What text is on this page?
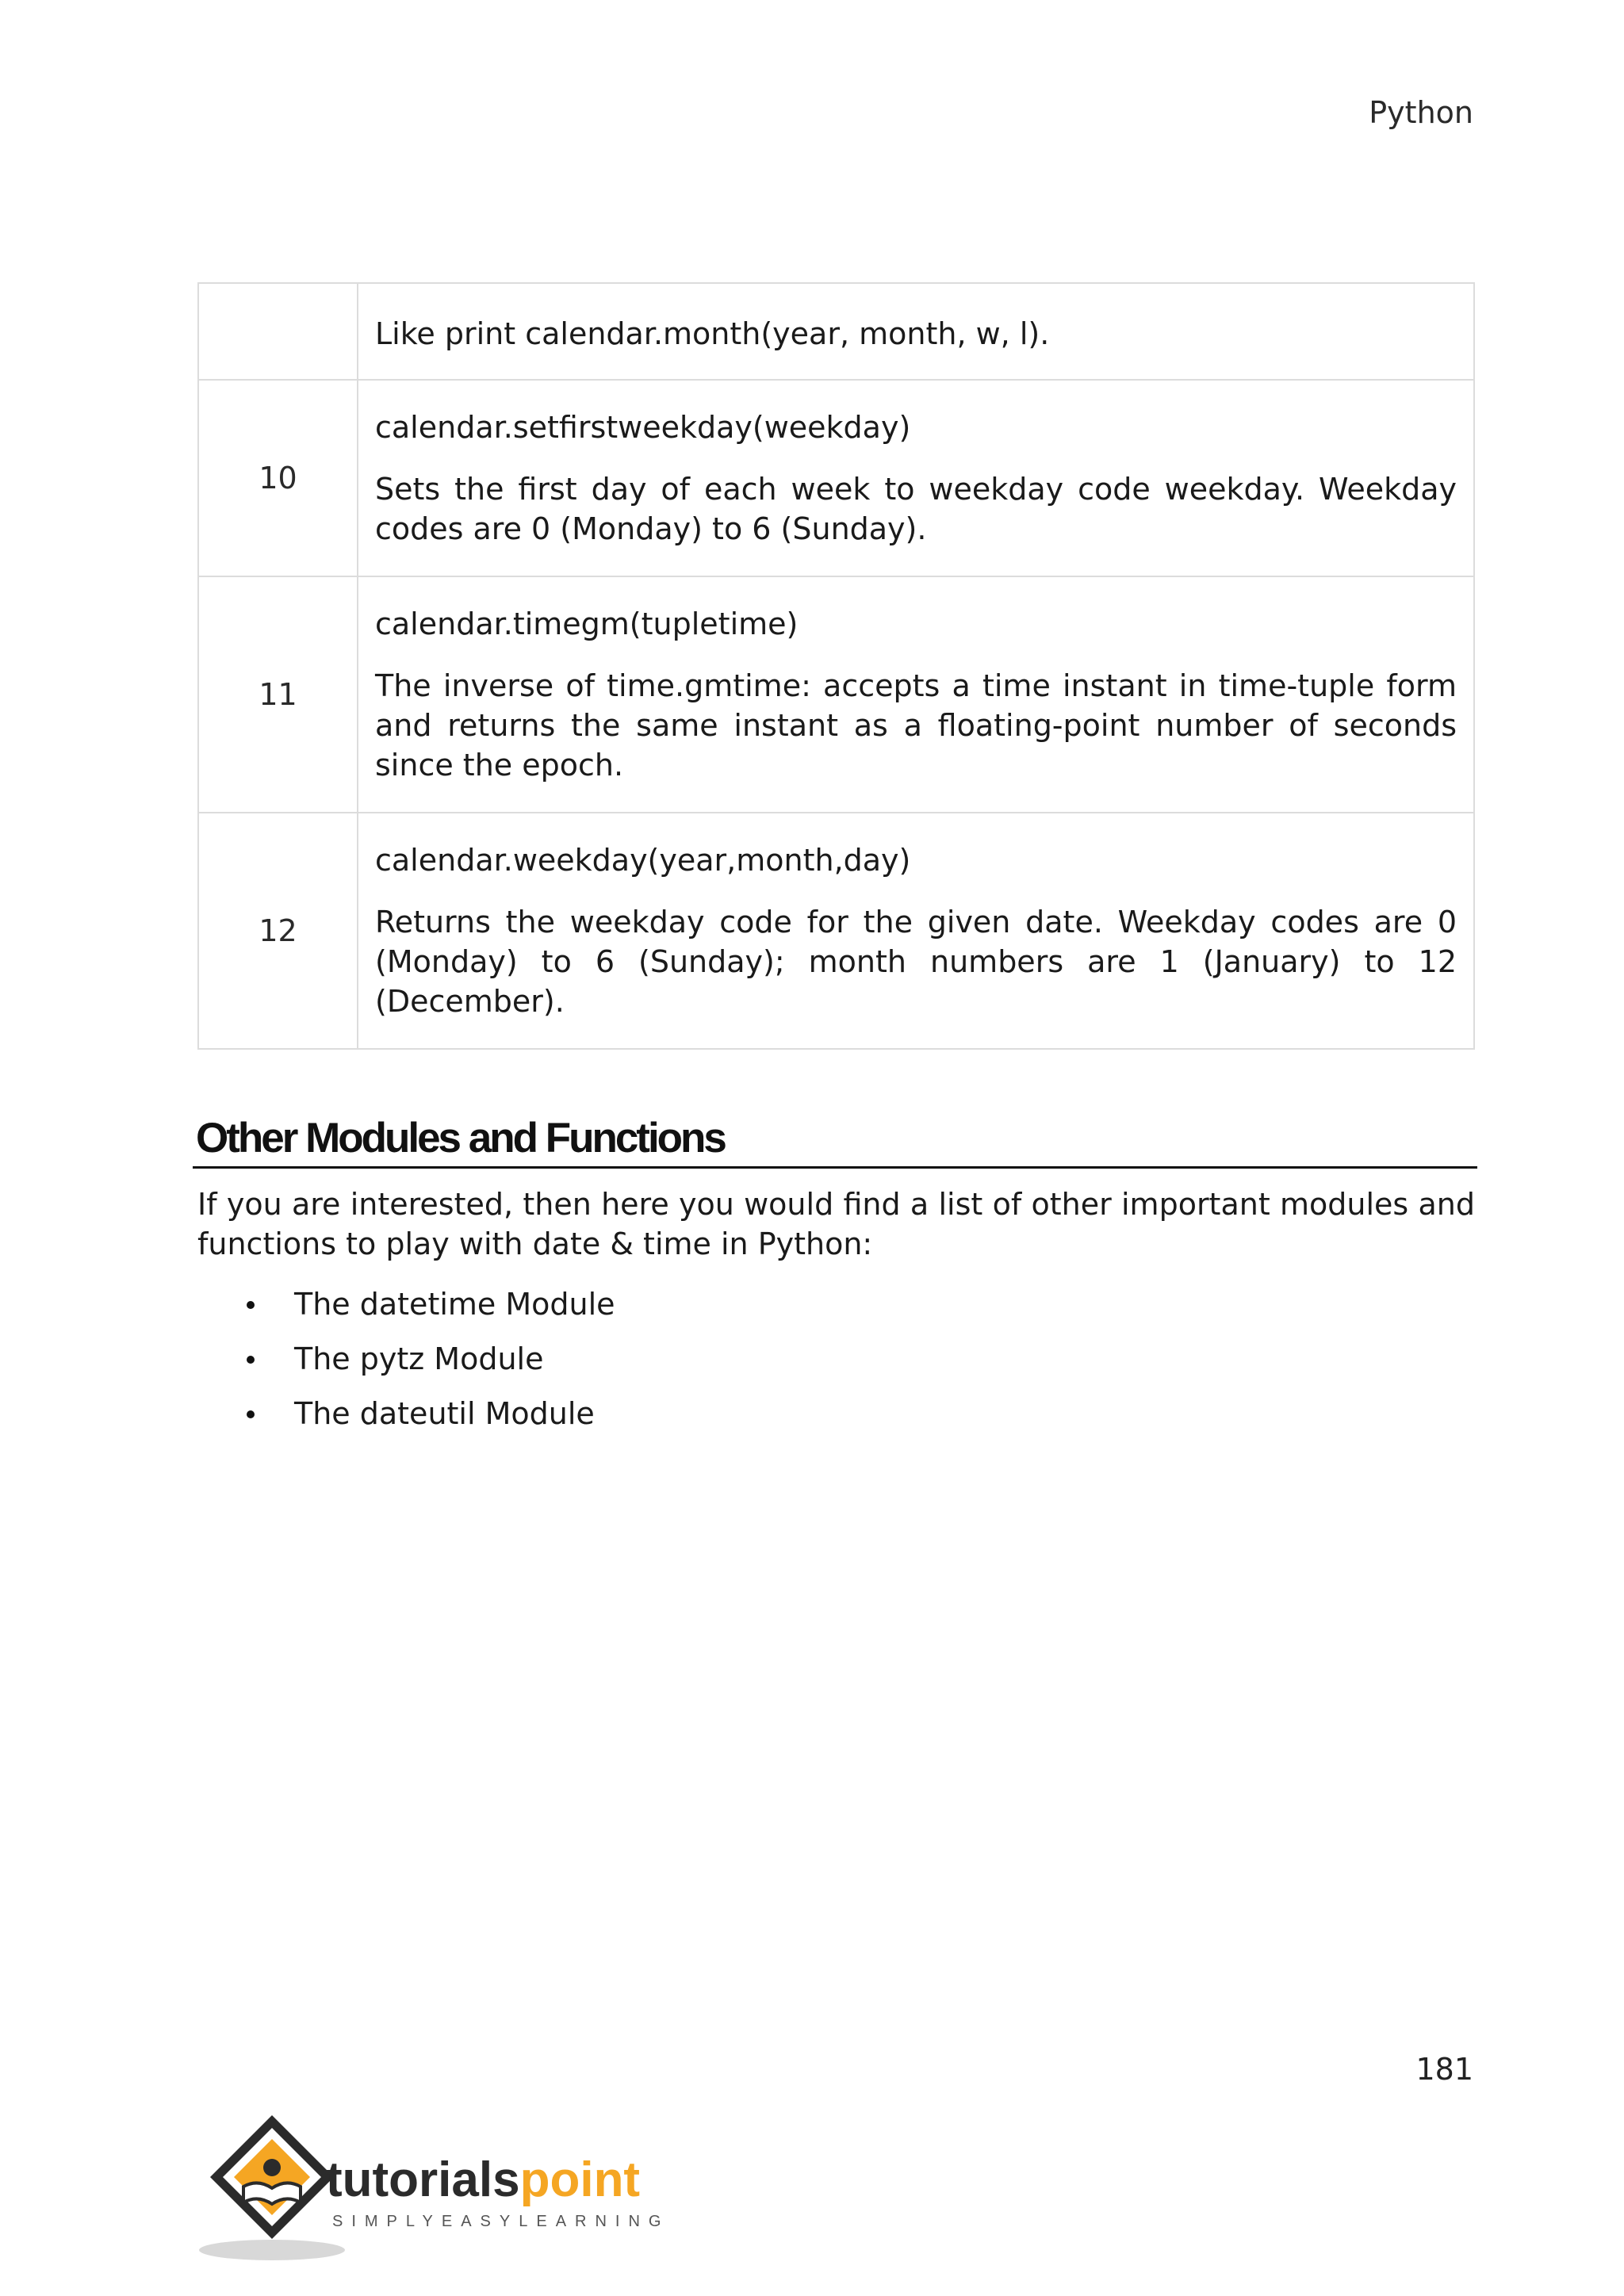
Python

	Like print calendar.month(year, month, w, l).

10	calendar.setfirstweekday(weekday)

Sets the first day of each week to weekday code weekday. Weekday codes are 0 (Monday) to 6 (Sunday).

11	calendar.timegm(tupletime)

The inverse of time.gmtime: accepts a time instant in time-tuple form and returns the same instant as a floating-point number of seconds since the epoch.

12	calendar.weekday(year,month,day)

Returns the weekday code for the given date. Weekday codes are 0 (Monday) to 6 (Sunday); month numbers are 1 (January) to 12 (December).

Other Modules and Functions

If you are interested, then here you would find a list of other important modules and functions to play with date & time in Python:

The datetime Module
The pytz Module
The dateutil Module
181
tutorialspoint
SIMPLYEASYLEARNING
